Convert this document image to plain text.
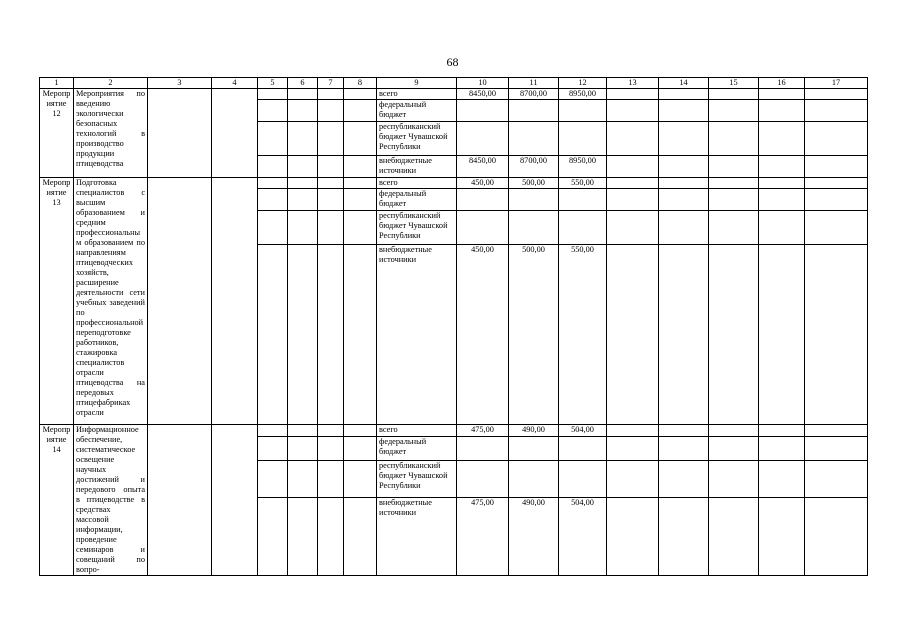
68
1	2	3	4	5	6	7	8	9	10	11	12	13	14	15	16	17
Мероприятие 12	Мероприятия по введению экологически безопасных технологий в производство продукции птицеводства							всего	8450,00	8700,00	8950,00					
								федеральный бюджет								
								республиканский бюджет Чувашской Республики								
								внебюджетные источники	8450,00	8700,00	8950,00					
Мероприятие 13	Подготовка специалистов с высшим образованием и средним профессиональным образованием по направлениям птицеводческих хозяйств, расширение деятельности сети учебных заведений по профессиональной переподготовке работников, стажировка специалистов отрасли птицеводства на передовых птицефабриках отрасли							всего	450,00	500,00	550,00					
								федеральный бюджет								
								республиканский бюджет Чувашской Республики								
								внебюджетные источники	450,00	500,00	550,00					
Мероприятие 14	Информационное обеспечение, систематическое освещение научных достижений и передового опыта в птицеводстве в средствах массовой информации, проведение семинаров и совещаний по вопро-							всего	475,00	490,00	504,00					
								федеральный бюджет								
								республиканский бюджет Чувашской Республики								
								внебюджетные источники	475,00	490,00	504,00					
